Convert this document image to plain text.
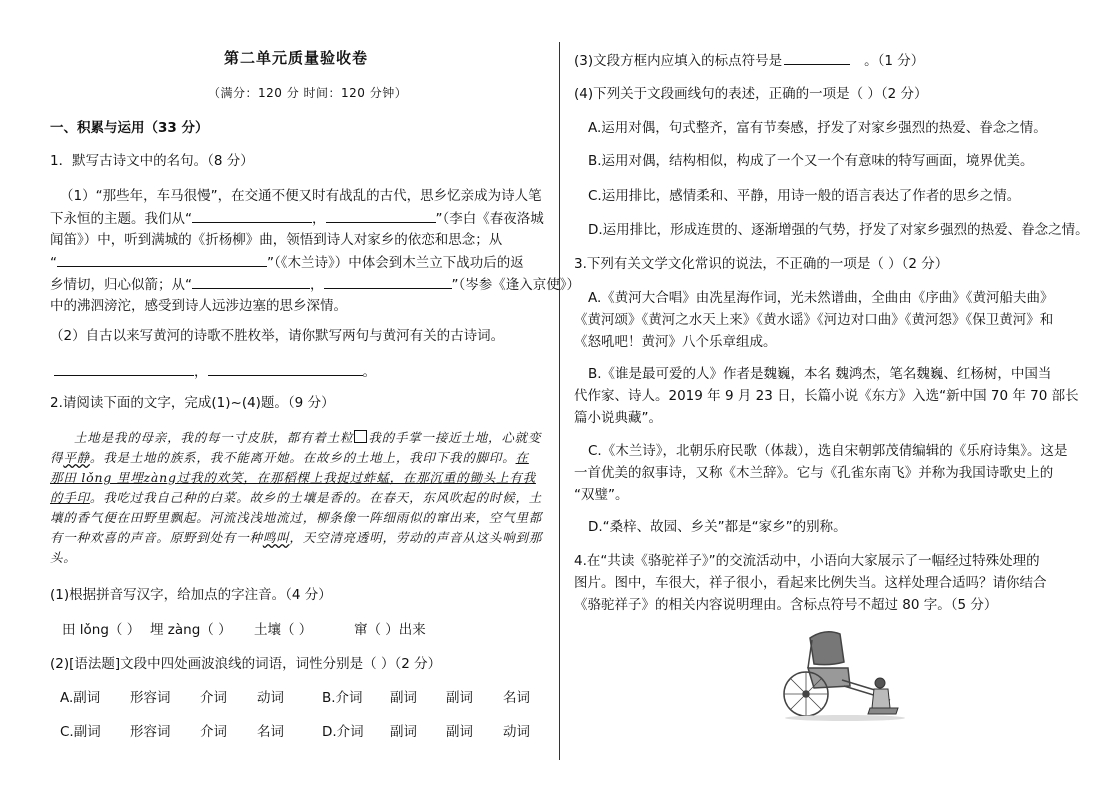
第二单元质量验收卷
（满分：120 分 时间：120 分钟）
一、积累与运用（33 分）
1．默写古诗文中的名句。（8 分）
（1）“那些年，车马很慢”，在交通不便又时有战乱的古代，思乡忆亲成为诗人笔
下永恒的主题。我们从“	，	”（李白《春夜洛城
闻笛》）中，听到满城的《折杨柳》曲，领悟到诗人对家乡的依恋和思念；从
“	”（《木兰诗》）中体会到木兰立下战功后的返
乡情切，归心似箭；从“	，	”（岑参《逢入京使》）
中的沸泗滂沱，感受到诗人远涉边塞的思乡深情。
（2）自古以来写黄河的诗歌不胜枚举，请你默写两句与黄河有关的古诗词。
，	。
2.请阅读下面的文字，完成(1)~(4)题。（9 分）
土地是我的母亲，我的每一寸皮肤，都有着土粒 我的手掌一接近土地，心就变
得平静。我是土地的族系，我不能离开她。在故乡的土地上，我印下我的脚印。在
那田 lǒng 里埋zàng过我的欢笑，在那稻棵上我捉过蚱蜢，在那沉重的锄头上有我
的手印。我吃过我自己种的白菜。故乡的土壤是香的。在春天，东风吹起的时候，土
壤的香气便在田野里飘起。河流浅浅地流过，柳条像一阵细雨似的窜出来，空气里都
有一种欢喜的声音。原野到处有一种鸣叫，天空清亮透明，劳动的声音从这头响到那
头。
(1)根据拼音写汉字，给加点的字注音。（4 分）
田 lǒng（ ） 埋 zàng（ ） 土壤（ ）	窜（ ）出来
(2)[语法题]文段中四处画波浪线的词语，词性分别是（ ）（2 分）
A.副词 形容词 介词 动词	B.介词 副词 副词 名词
C.副词 形容词 介词 名词	D.介词 副词 副词 动词
(3)文段方框内应填入的标点符号是	。（1 分）
(4)下列关于文段画线句的表述，正确的一项是（ ）（2 分）
A.运用对偶，句式整齐，富有节奏感，抒发了对家乡强烈的热爱、眷念之情。
B.运用对偶，结构相似，构成了一个又一个有意味的特写画面，境界优美。
C.运用排比，感情柔和、平静，用诗一般的语言表达了作者的思乡之情。
D.运用排比，形成连贯的、逐渐增强的气势，抒发了对家乡强烈的热爱、眷念之情。
3.下列有关文学文化常识的说法，不正确的一项是（ ）（2 分）
A.《黄河大合唱》由冼星海作词，光未然谱曲，全曲由《序曲》《黄河船夫曲》
《黄河颂》《黄河之水天上来》《黄水谣》《河边对口曲》《黄河怨》《保卫黄河》和
《怒吼吧！黄河》八个乐章组成。
B.《谁是最可爱的人》作者是魏巍，本名 魏鸿杰，笔名魏巍、红杨树，中国当
代作家、诗人。2019 年 9 月 23 日，长篇小说《东方》入选“新中国 70 年 70 部长
篇小说典藏”。
C.《木兰诗》，北朝乐府民歌（体裁），选自宋朝郭茂倩编辑的《乐府诗集》。这是
一首优美的叙事诗，又称《木兰辞》。它与《孔雀东南飞》并称为我国诗歌史上的
“双璧”。
D.“桑梓、故园、乡关”都是“家乡”的别称。
4.在“共读《骆驼祥子》”的交流活动中，小语向大家展示了一幅经过特殊处理的
图片。图中，车很大，祥子很小，看起来比例失当。这样处理合适吗？请你结合
《骆驼祥子》的相关内容说明理由。含标点符号不超过 80 字。（5 分）
